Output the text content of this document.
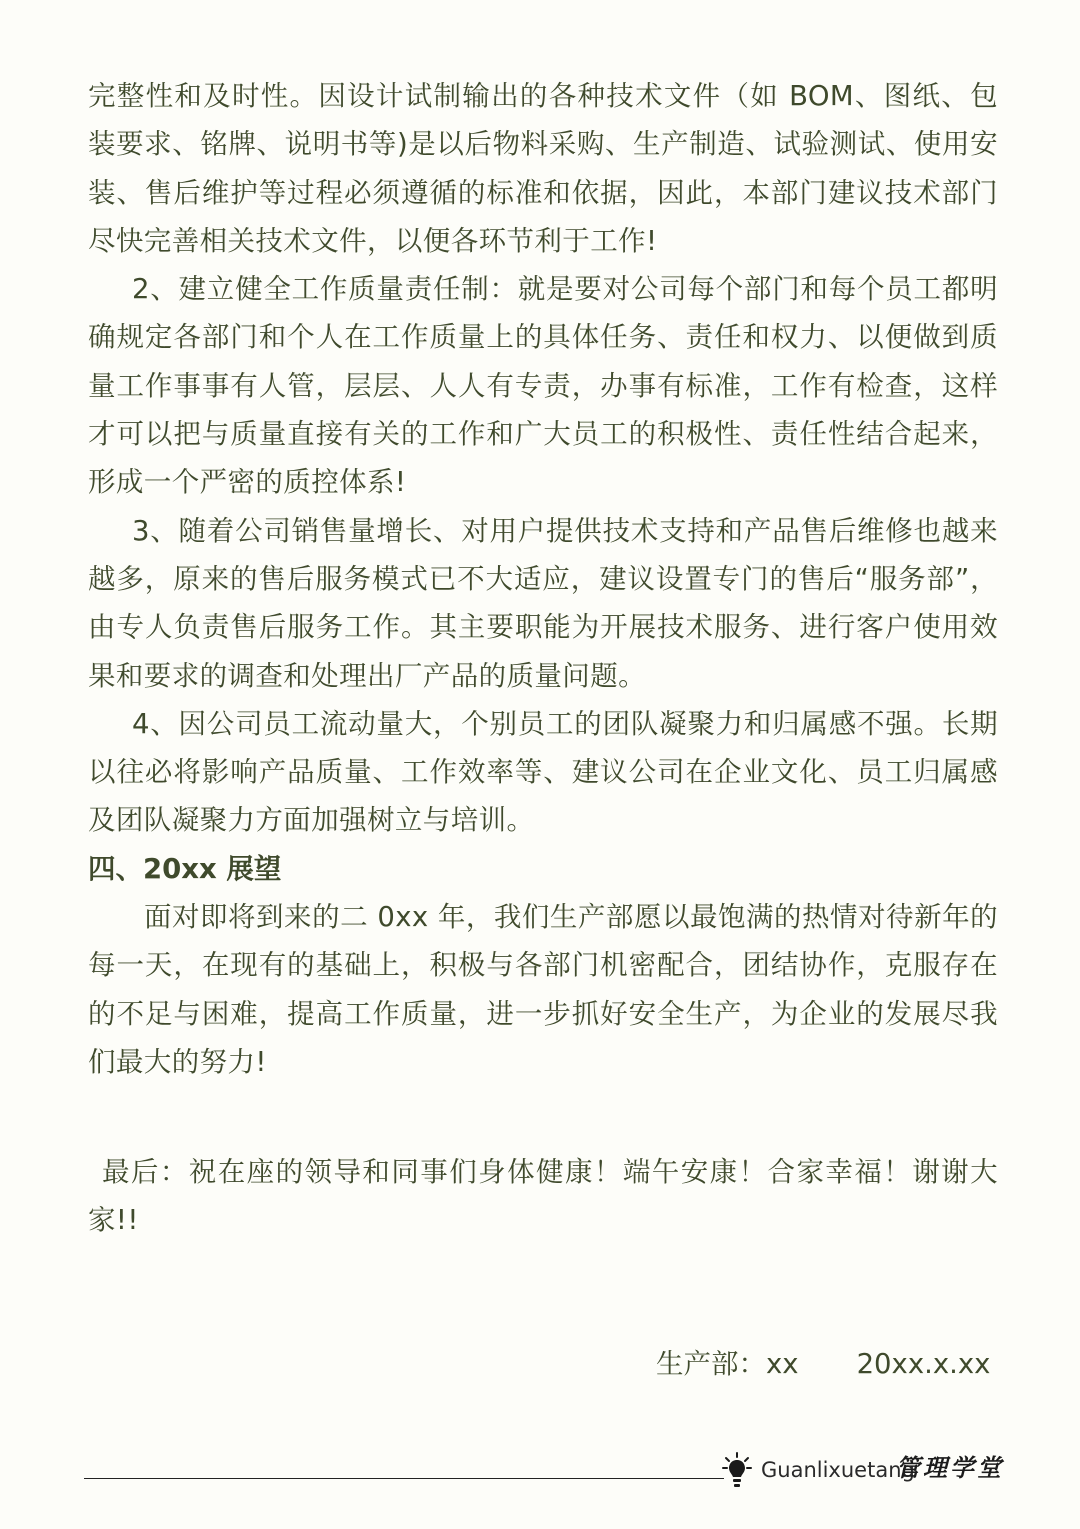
完整性和及时性。因设计试制输出的各种技术文件（如 BOM、图纸、包装要求、铭牌、说明书等)是以后物料采购、生产制造、试验测试、使用安装、售后维护等过程必须遵循的标准和依据，因此，本部门建议技术部门尽快完善相关技术文件，以便各环节利于工作!

2、建立健全工作质量责任制：就是要对公司每个部门和每个员工都明确规定各部门和个人在工作质量上的具体任务、责任和权力、以便做到质量工作事事有人管，层层、人人有专责，办事有标准，工作有检查，这样才可以把与质量直接有关的工作和广大员工的积极性、责任性结合起来，形成一个严密的质控体系!

3、随着公司销售量增长、对用户提供技术支持和产品售后维修也越来越多，原来的售后服务模式已不大适应，建议设置专门的售后“服务部”，由专人负责售后服务工作。其主要职能为开展技术服务、进行客户使用效果和要求的调查和处理出厂产品的质量问题。

4、因公司员工流动量大，个别员工的团队凝聚力和归属感不强。长期以往必将影响产品质量、工作效率等、建议公司在企业文化、员工归属感及团队凝聚力方面加强树立与培训。

四、20xx 展望

面对即将到来的二 0xx 年，我们生产部愿以最饱满的热情对待新年的每一天，在现有的基础上，积极与各部门机密配合，团结协作，克服存在的不足与困难，提高工作质量，进一步抓好安全生产，为企业的发展尽我们最大的努力!

最后：祝在座的领导和同事们身体健康！端午安康！合家幸福！谢谢大家!!

生产部：xx 20xx.x.xx
Guanlixuetang
管理学堂
